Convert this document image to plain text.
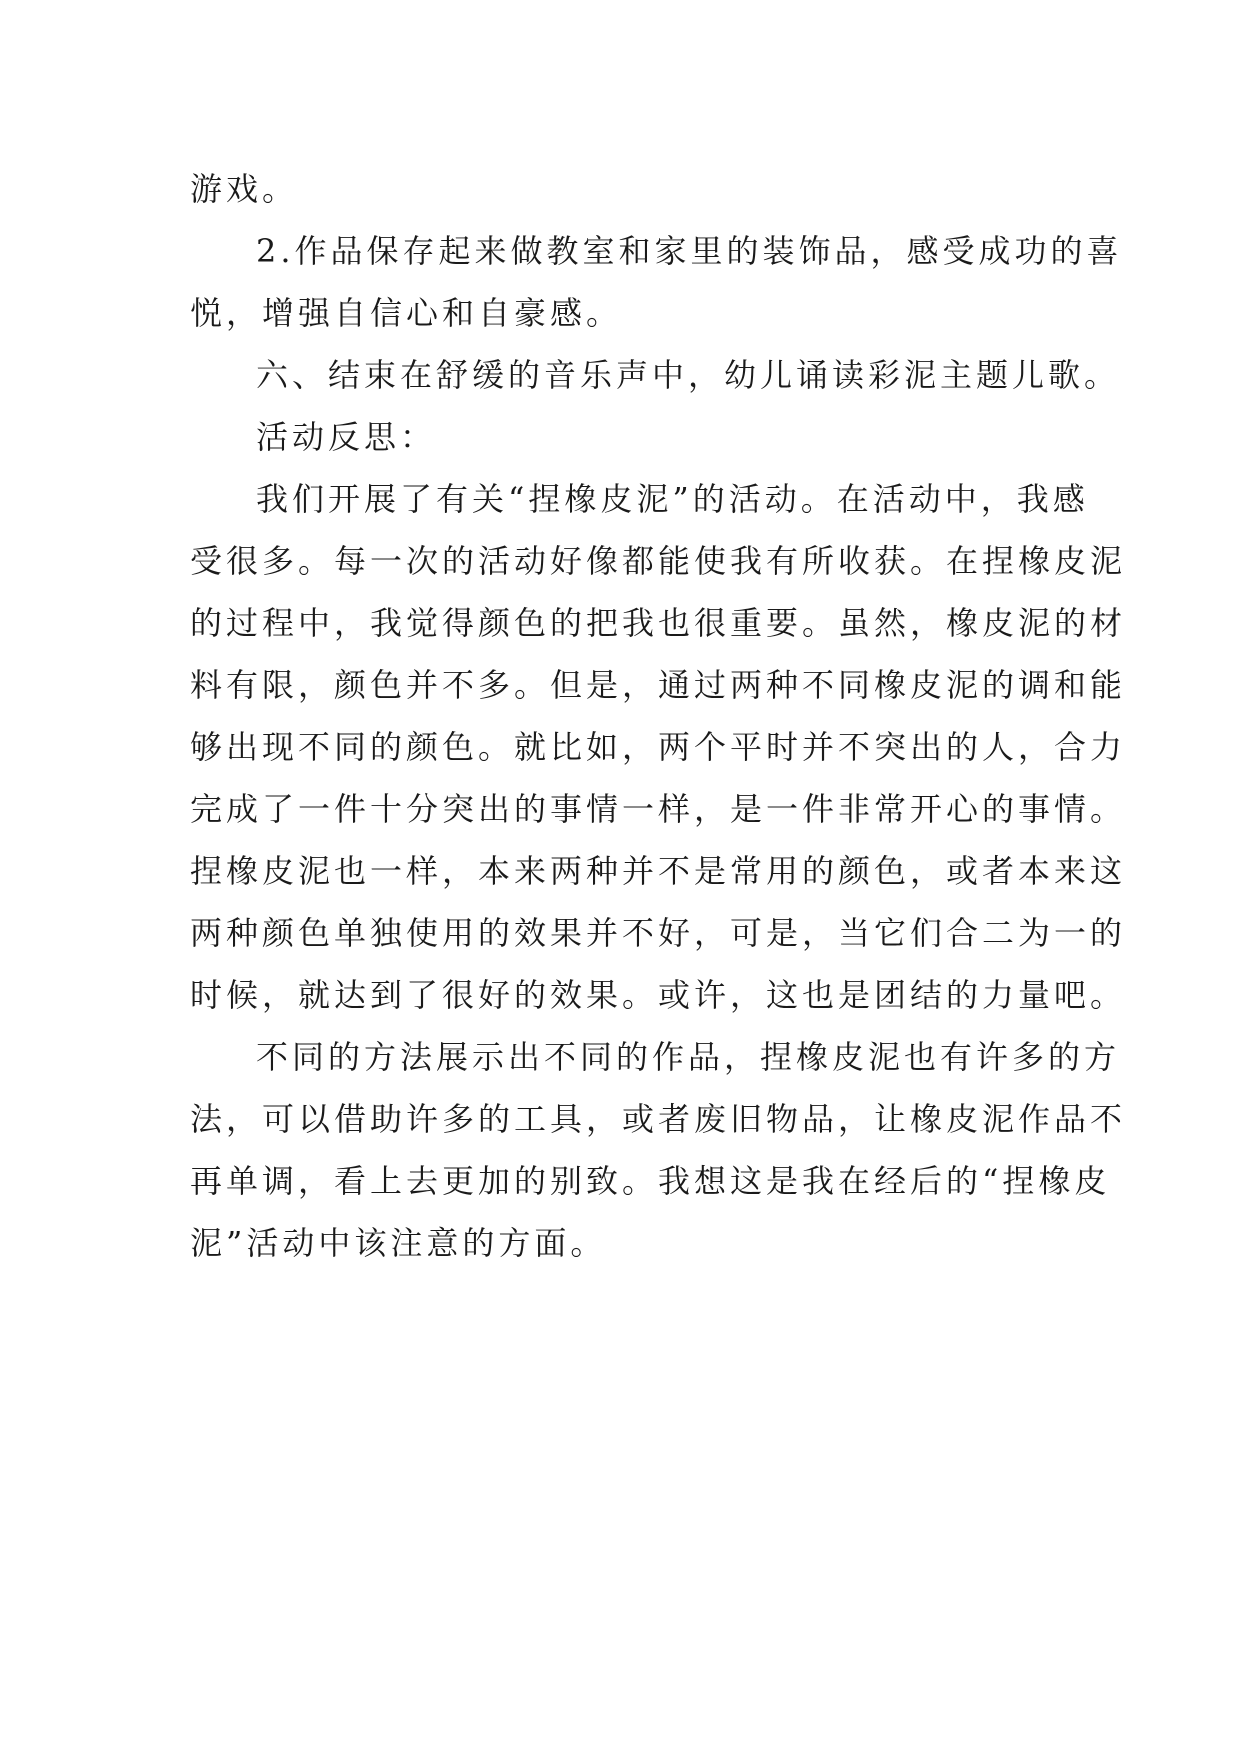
游戏。
2.作品保存起来做教室和家里的装饰品，感受成功的喜
悦，增强自信心和自豪感。
六、结束在舒缓的音乐声中，幼儿诵读彩泥主题儿歌。
活动反思：
我们开展了有关“捏橡皮泥”的活动。在活动中，我感
受很多。每一次的活动好像都能使我有所收获。在捏橡皮泥
的过程中，我觉得颜色的把我也很重要。虽然，橡皮泥的材
料有限，颜色并不多。但是，通过两种不同橡皮泥的调和能
够出现不同的颜色。就比如，两个平时并不突出的人，合力
完成了一件十分突出的事情一样，是一件非常开心的事情。
捏橡皮泥也一样，本来两种并不是常用的颜色，或者本来这
两种颜色单独使用的效果并不好，可是，当它们合二为一的
时候，就达到了很好的效果。或许，这也是团结的力量吧。
不同的方法展示出不同的作品，捏橡皮泥也有许多的方
法，可以借助许多的工具，或者废旧物品，让橡皮泥作品不
再单调，看上去更加的别致。我想这是我在经后的“捏橡皮
泥”活动中该注意的方面。
